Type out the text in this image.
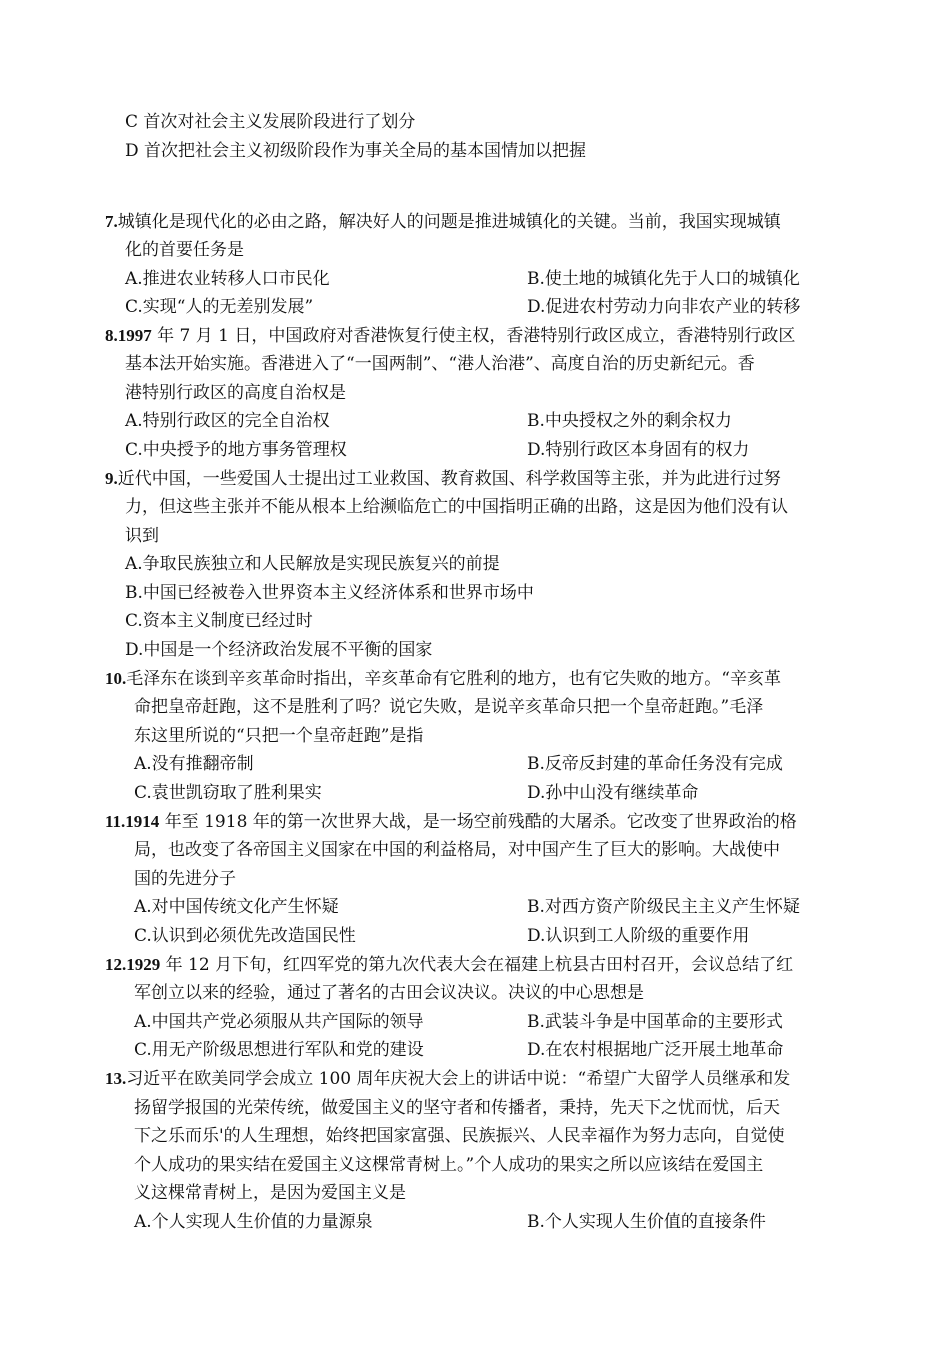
C 首次对社会主义发展阶段进行了划分
D 首次把社会主义初级阶段作为事关全局的基本国情加以把握
7.城镇化是现代化的必由之路，解决好人的问题是推进城镇化的关键。当前，我国实现城镇
化的首要任务是
A.推进农业转移人口市民化	B.使土地的城镇化先于人口的城镇化
C.实现“人的无差别发展”	D.促进农村劳动力向非农产业的转移
8.1997 年 7 月 1 日，中国政府对香港恢复行使主权，香港特别行政区成立，香港特别行政区
基本法开始实施。香港进入了“一国两制”、“港人治港”、高度自治的历史新纪元。香
港特别行政区的高度自治权是
A.特别行政区的完全自治权	B.中央授权之外的剩余权力
C.中央授予的地方事务管理权	D.特别行政区本身固有的权力
9.近代中国，一些爱国人士提出过工业救国、教育救国、科学救国等主张，并为此进行过努
力，但这些主张并不能从根本上给濒临危亡的中国指明正确的出路，这是因为他们没有认
识到
A.争取民族独立和人民解放是实现民族复兴的前提
B.中国已经被卷入世界资本主义经济体系和世界市场中
C.资本主义制度已经过时
D.中国是一个经济政治发展不平衡的国家
10.毛泽东在谈到辛亥革命时指出，辛亥革命有它胜利的地方，也有它失败的地方。“辛亥革
命把皇帝赶跑，这不是胜利了吗？说它失败，是说辛亥革命只把一个皇帝赶跑。”毛泽
东这里所说的“只把一个皇帝赶跑”是指
A.没有推翻帝制	B.反帝反封建的革命任务没有完成
C.袁世凯窃取了胜利果实	D.孙中山没有继续革命
11.1914 年至 1918 年的第一次世界大战，是一场空前残酷的大屠杀。它改变了世界政治的格
局，也改变了各帝国主义国家在中国的利益格局，对中国产生了巨大的影响。大战使中
国的先进分子
A.对中国传统文化产生怀疑	B.对西方资产阶级民主主义产生怀疑
C.认识到必须优先改造国民性	D.认识到工人阶级的重要作用
12.1929 年 12 月下旬，红四军党的第九次代表大会在福建上杭县古田村召开，会议总结了红
军创立以来的经验，通过了著名的古田会议决议。决议的中心思想是
A.中国共产党必须服从共产国际的领导	B.武装斗争是中国革命的主要形式
C.用无产阶级思想进行军队和党的建设	D.在农村根据地广泛开展土地革命
13.习近平在欧美同学会成立 100 周年庆祝大会上的讲话中说：“希望广大留学人员继承和发
扬留学报国的光荣传统，做爱国主义的坚守者和传播者，秉持，先天下之忧而忧，后天
下之乐而乐'的人生理想，始终把国家富强、民族振兴、人民幸福作为努力志向，自觉使
个人成功的果实结在爱国主义这棵常青树上。”个人成功的果实之所以应该结在爱国主
义这棵常青树上，是因为爱国主义是
A.个人实现人生价值的力量源泉	B.个人实现人生价值的直接条件
